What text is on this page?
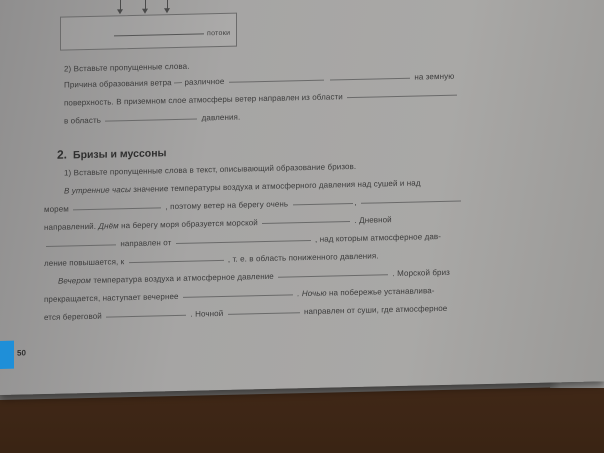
потоки
2) Вставьте пропущенные слова.
Причина образования ветра — различное   на земную
поверхность. В приземном слое атмосферы ветер направлен из области
в область	давления.
2. Бризы и муссоны
1) Вставьте пропущенные слова в текст, описывающий образование бризов.
В утренние часы значение температуры воздуха и атмосферного давления над сушей и над
морем	, поэтому ветер на берегу очень	,
направлений. Днём на берегу моря образуется морской	. Дневной
направлен от	, над которым атмосферное дав-
ление повышается, к	, т. е. в область пониженного давления.
Вечером температура воздуха и атмосферное давление	. Морской бриз
прекращается, наступает вечернее	. Ночью на побережье устанавлива-
ется береговой	. Ночной	направлен от суши, где атмосферное
50
